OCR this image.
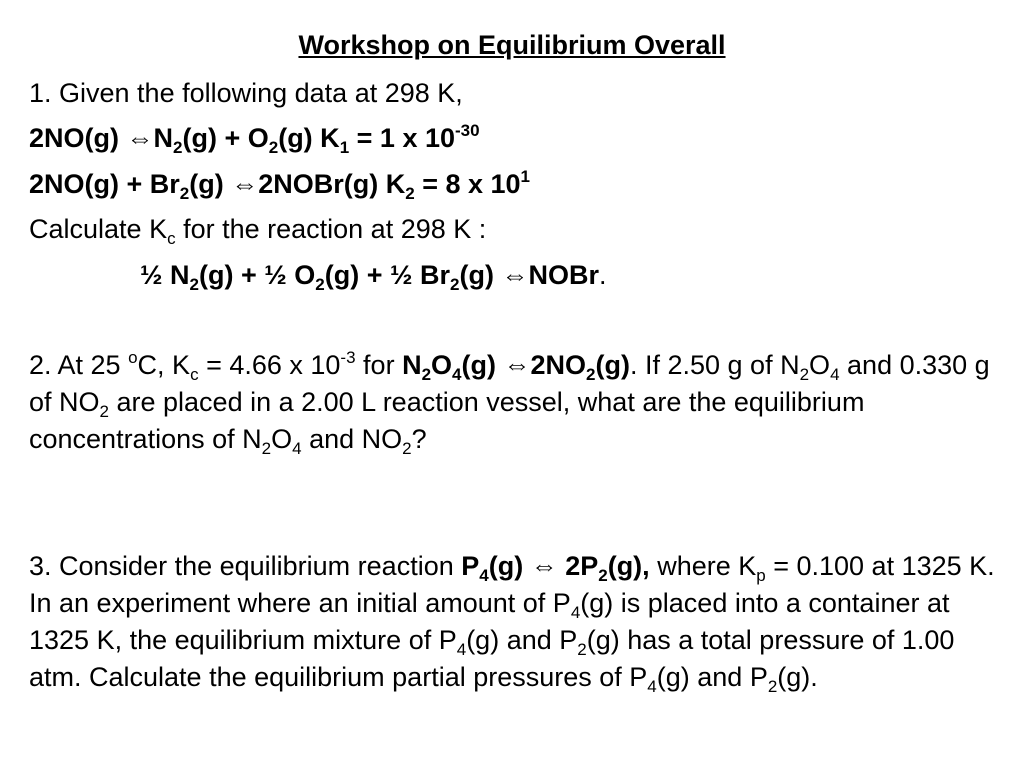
Workshop on Equilibrium Overall
1. Given the following data at 298 K,
2NO(g) $\Leftrightarrow N_2(g) + O_2(g) K_1 = 1$ x $10^{-30}$
$2NO(g) + Br_2(g)$ ⇔2NOBr(g) $K_2 = 8$ x $10^1$
Calculate $K_c$ for the reaction at 298 K :
½ $N_2(g)$ + ½ $O_2(g)$ + ½ $Br_2(g)$ ⇔NOBr.
2. At 25 $^o$C, $K_c = 4.66$ x $10^{-3}$ for $N_2O_4(g)$ $\Leftrightarrow 2NO_2(g)$. If 2.50 g of $N_2O_4$ and 0.330 g of $NO_2$ are placed in a 2.00 L reaction vessel, what are the equilibrium concentrations of $N_2O_4$ and $NO_2$?
3. Consider the equilibrium reaction $P_4(g)$ ⇔ $2P_2(g)$, where $K_p = 0.100$ at 1325 K. In an experiment where an initial amount of $P_4(g)$ is placed into a container at 1325 K, the equilibrium mixture of $P_4(g)$ and $P_2(g)$ has a total pressure of 1.00 atm. Calculate the equilibrium partial pressures of $P_4(g)$ and $P_2(g)$.
